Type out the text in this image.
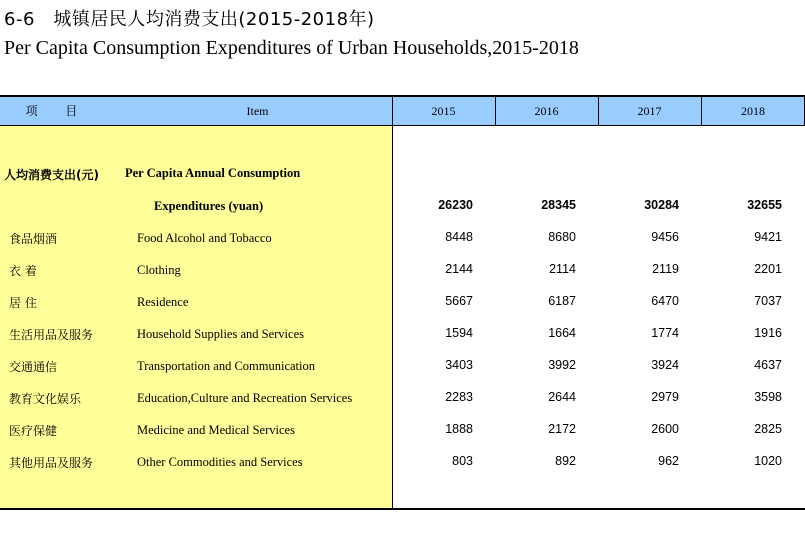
6-6　城镇居民人均消费支出(2015-2018年)
Per Capita Consumption Expenditures of Urban Households,2015-2018
项 目	Item	2015	2016	2017	2018
人均消费支出(元) Per Capita Annual Consumption
Expenditures (yuan)	26230	28345	30284	32655
食品烟酒	Food Alcohol and Tobacco	8448	8680	9456	9421
衣 着	Clothing	2144	2114	2119	2201
居 住	Residence	5667	6187	6470	7037
生活用品及服务	Household Supplies and Services	1594	1664	1774	1916
交通通信	Transportation and Communication	3403	3992	3924	4637
教育文化娱乐	Education,Culture and Recreation Services	2283	2644	2979	3598
医疗保健	Medicine and Medical Services	1888	2172	2600	2825
其他用品及服务	Other Commodities and Services	803	892	962	1020
